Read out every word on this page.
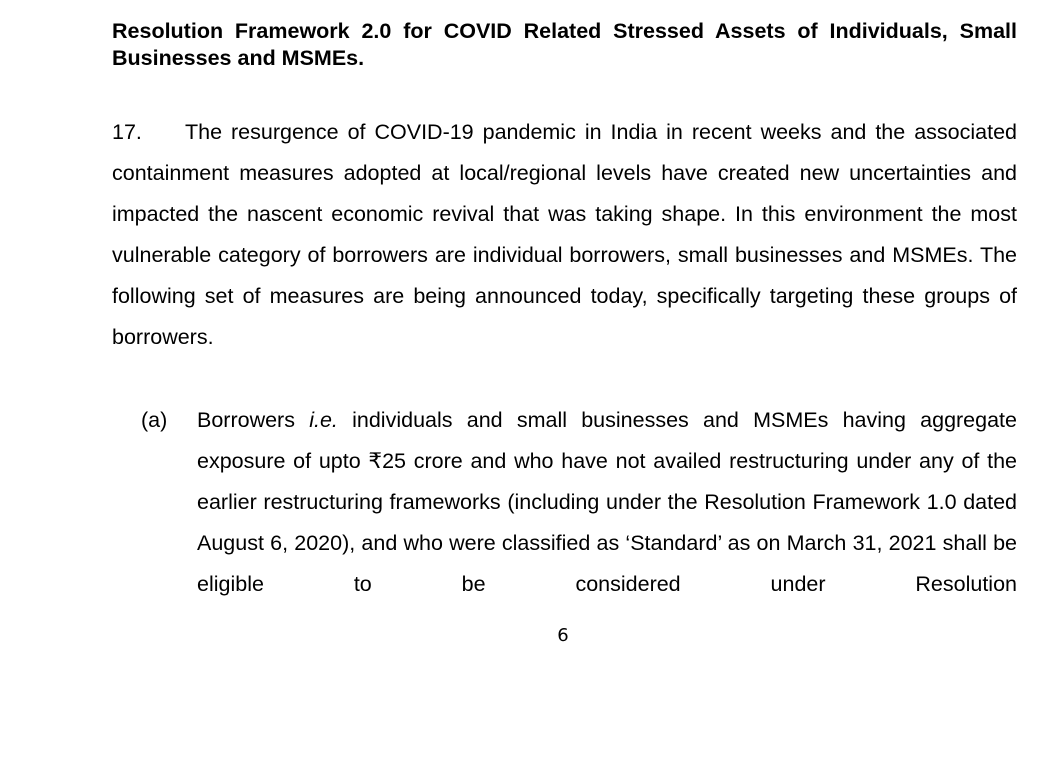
Resolution Framework 2.0 for COVID Related Stressed Assets of Individuals, Small Businesses and MSMEs.

17. The resurgence of COVID-19 pandemic in India in recent weeks and the associated containment measures adopted at local/regional levels have created new uncertainties and impacted the nascent economic revival that was taking shape. In this environment the most vulnerable category of borrowers are individual borrowers, small businesses and MSMEs. The following set of measures are being announced today, specifically targeting these groups of borrowers.

(a) Borrowers i.e. individuals and small businesses and MSMEs having aggregate exposure of upto ₹25 crore and who have not availed restructuring under any of the earlier restructuring frameworks (including under the Resolution Framework 1.0 dated August 6, 2020), and who were classified as ‘Standard’ as on March 31, 2021 shall be eligible to be considered under Resolution

6
